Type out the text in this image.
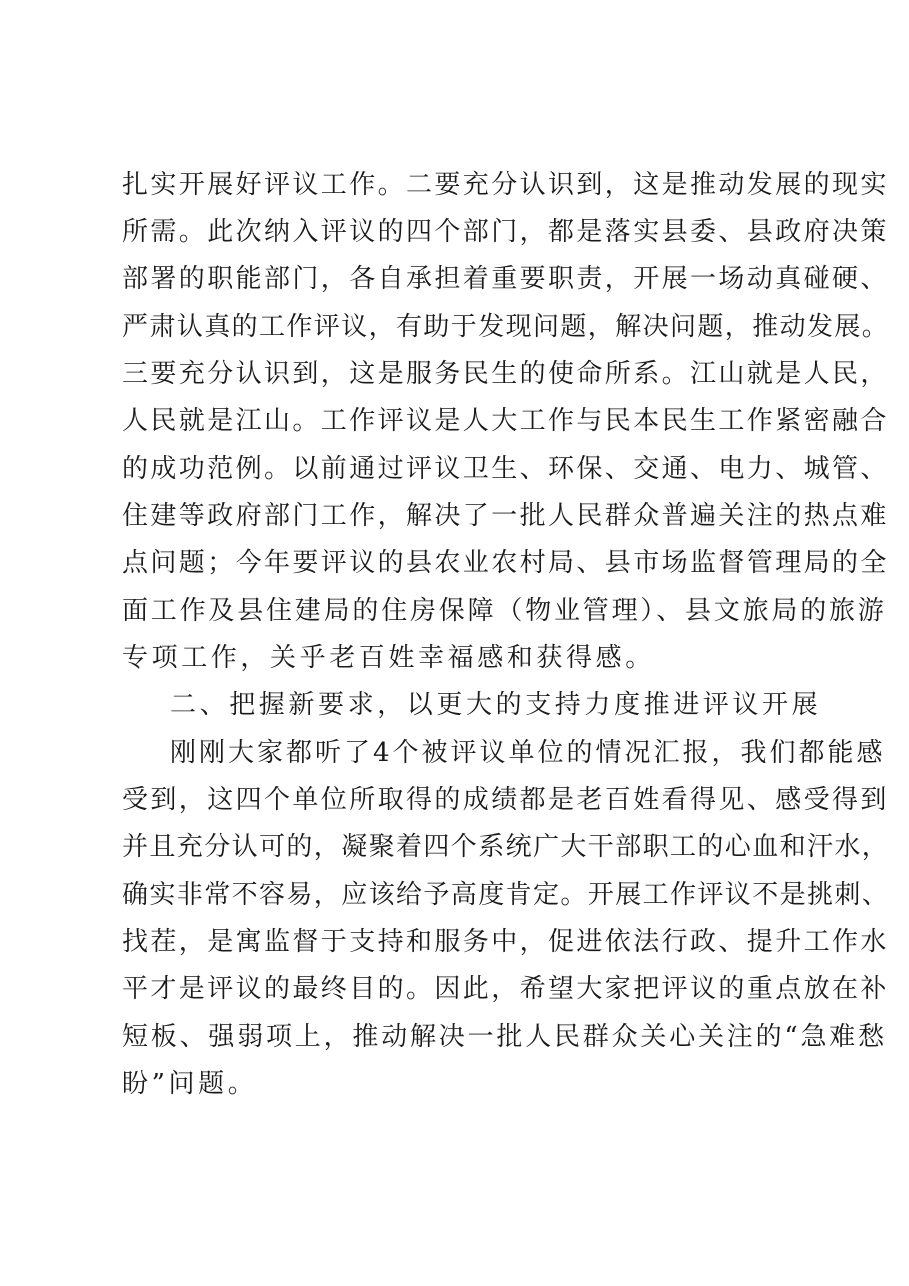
扎实开展好评议工作。二要充分认识到，这是推动发展的现实
所需。此次纳入评议的四个部门，都是落实县委、县政府决策
部署的职能部门，各自承担着重要职责，开展一场动真碰硬、
严肃认真的工作评议，有助于发现问题，解决问题，推动发展。
三要充分认识到，这是服务民生的使命所系。江山就是人民，
人民就是江山。工作评议是人大工作与民本民生工作紧密融合
的成功范例。以前通过评议卫生、环保、交通、电力、城管、
住建等政府部门工作，解决了一批人民群众普遍关注的热点难
点问题；今年要评议的县农业农村局、县市场监督管理局的全
面工作及县住建局的住房保障（物业管理）、县文旅局的旅游
专项工作，关乎老百姓幸福感和获得感。
二、把握新要求，以更大的支持力度推进评议开展
刚刚大家都听了4个被评议单位的情况汇报，我们都能感
受到，这四个单位所取得的成绩都是老百姓看得见、感受得到
并且充分认可的，凝聚着四个系统广大干部职工的心血和汗水，
确实非常不容易，应该给予高度肯定。开展工作评议不是挑刺、
找茬，是寓监督于支持和服务中，促进依法行政、提升工作水
平才是评议的最终目的。因此，希望大家把评议的重点放在补
短板、强弱项上，推动解决一批人民群众关心关注的“急难愁
盼”问题。
